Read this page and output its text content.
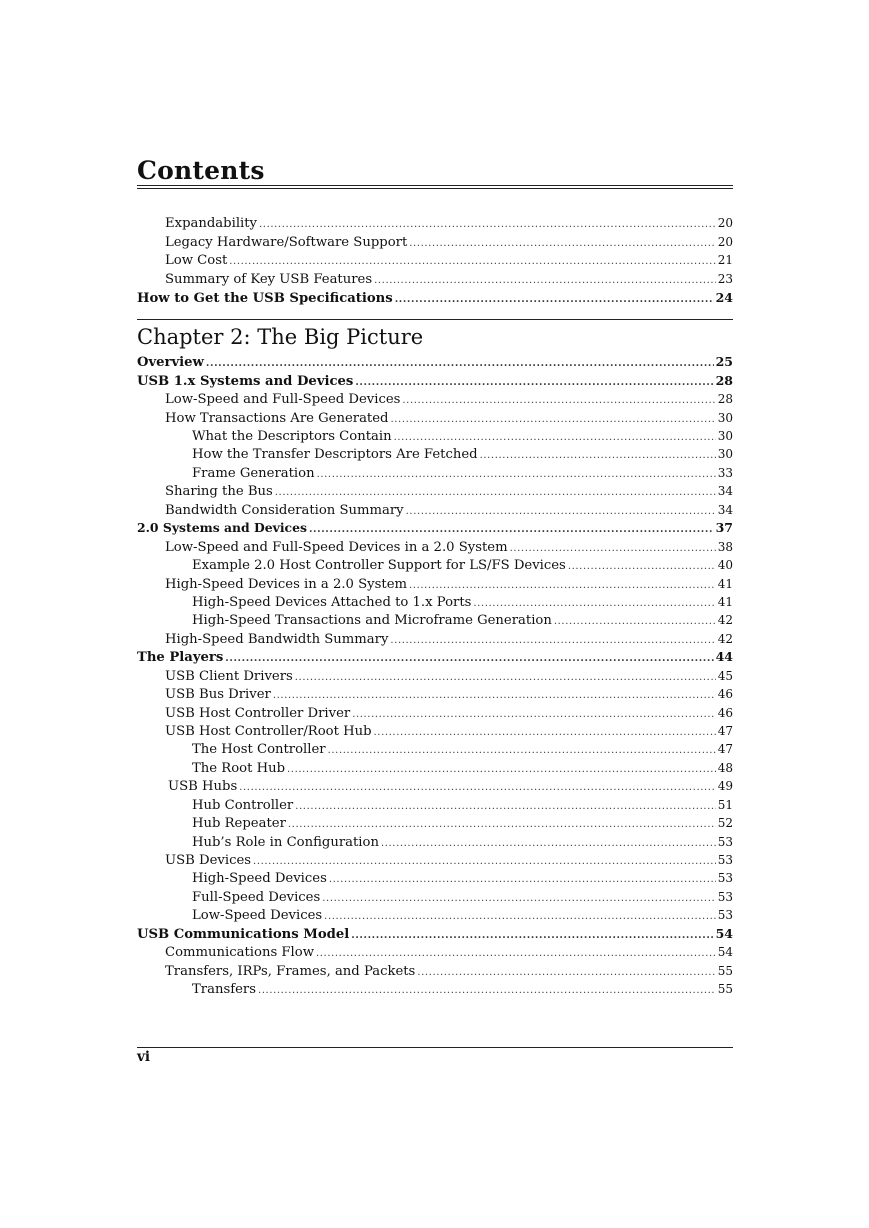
Contents
Expandability .....	20
Legacy Hardware/Software Support .....	20
Low Cost .....	21
Summary of Key USB Features .....	23
How to Get the USB Specifications .....	24
Chapter 2: The Big Picture
Overview .....	25
USB 1.x Systems and Devices .....	28
Low-Speed and Full-Speed Devices .....	28
How Transactions Are Generated .....	30
What the Descriptors Contain .....	30
How the Transfer Descriptors Are Fetched .....	30
Frame Generation .....	33
Sharing the Bus .....	34
Bandwidth Consideration Summary .....	34
2.0 Systems and Devices .....	37
Low-Speed and Full-Speed Devices in a 2.0 System .....	38
Example 2.0 Host Controller Support for LS/FS Devices .....	40
High-Speed Devices in a 2.0 System .....	41
High-Speed Devices Attached to 1.x Ports .....	41
High-Speed Transactions and Microframe Generation .....	42
High-Speed Bandwidth Summary .....	42
The Players .....	44
USB Client Drivers .....	45
USB Bus Driver .....	46
USB Host Controller Driver .....	46
USB Host Controller/Root Hub .....	47
The Host Controller .....	47
The Root Hub .....	48
USB Hubs .....	49
Hub Controller .....	51
Hub Repeater .....	52
Hub’s Role in Configuration .....	53
USB Devices .....	53
High-Speed Devices .....	53
Full-Speed Devices .....	53
Low-Speed Devices .....	53
USB Communications Model .....	54
Communications Flow .....	54
Transfers, IRPs, Frames, and Packets .....	55
Transfers .....	55
vi
